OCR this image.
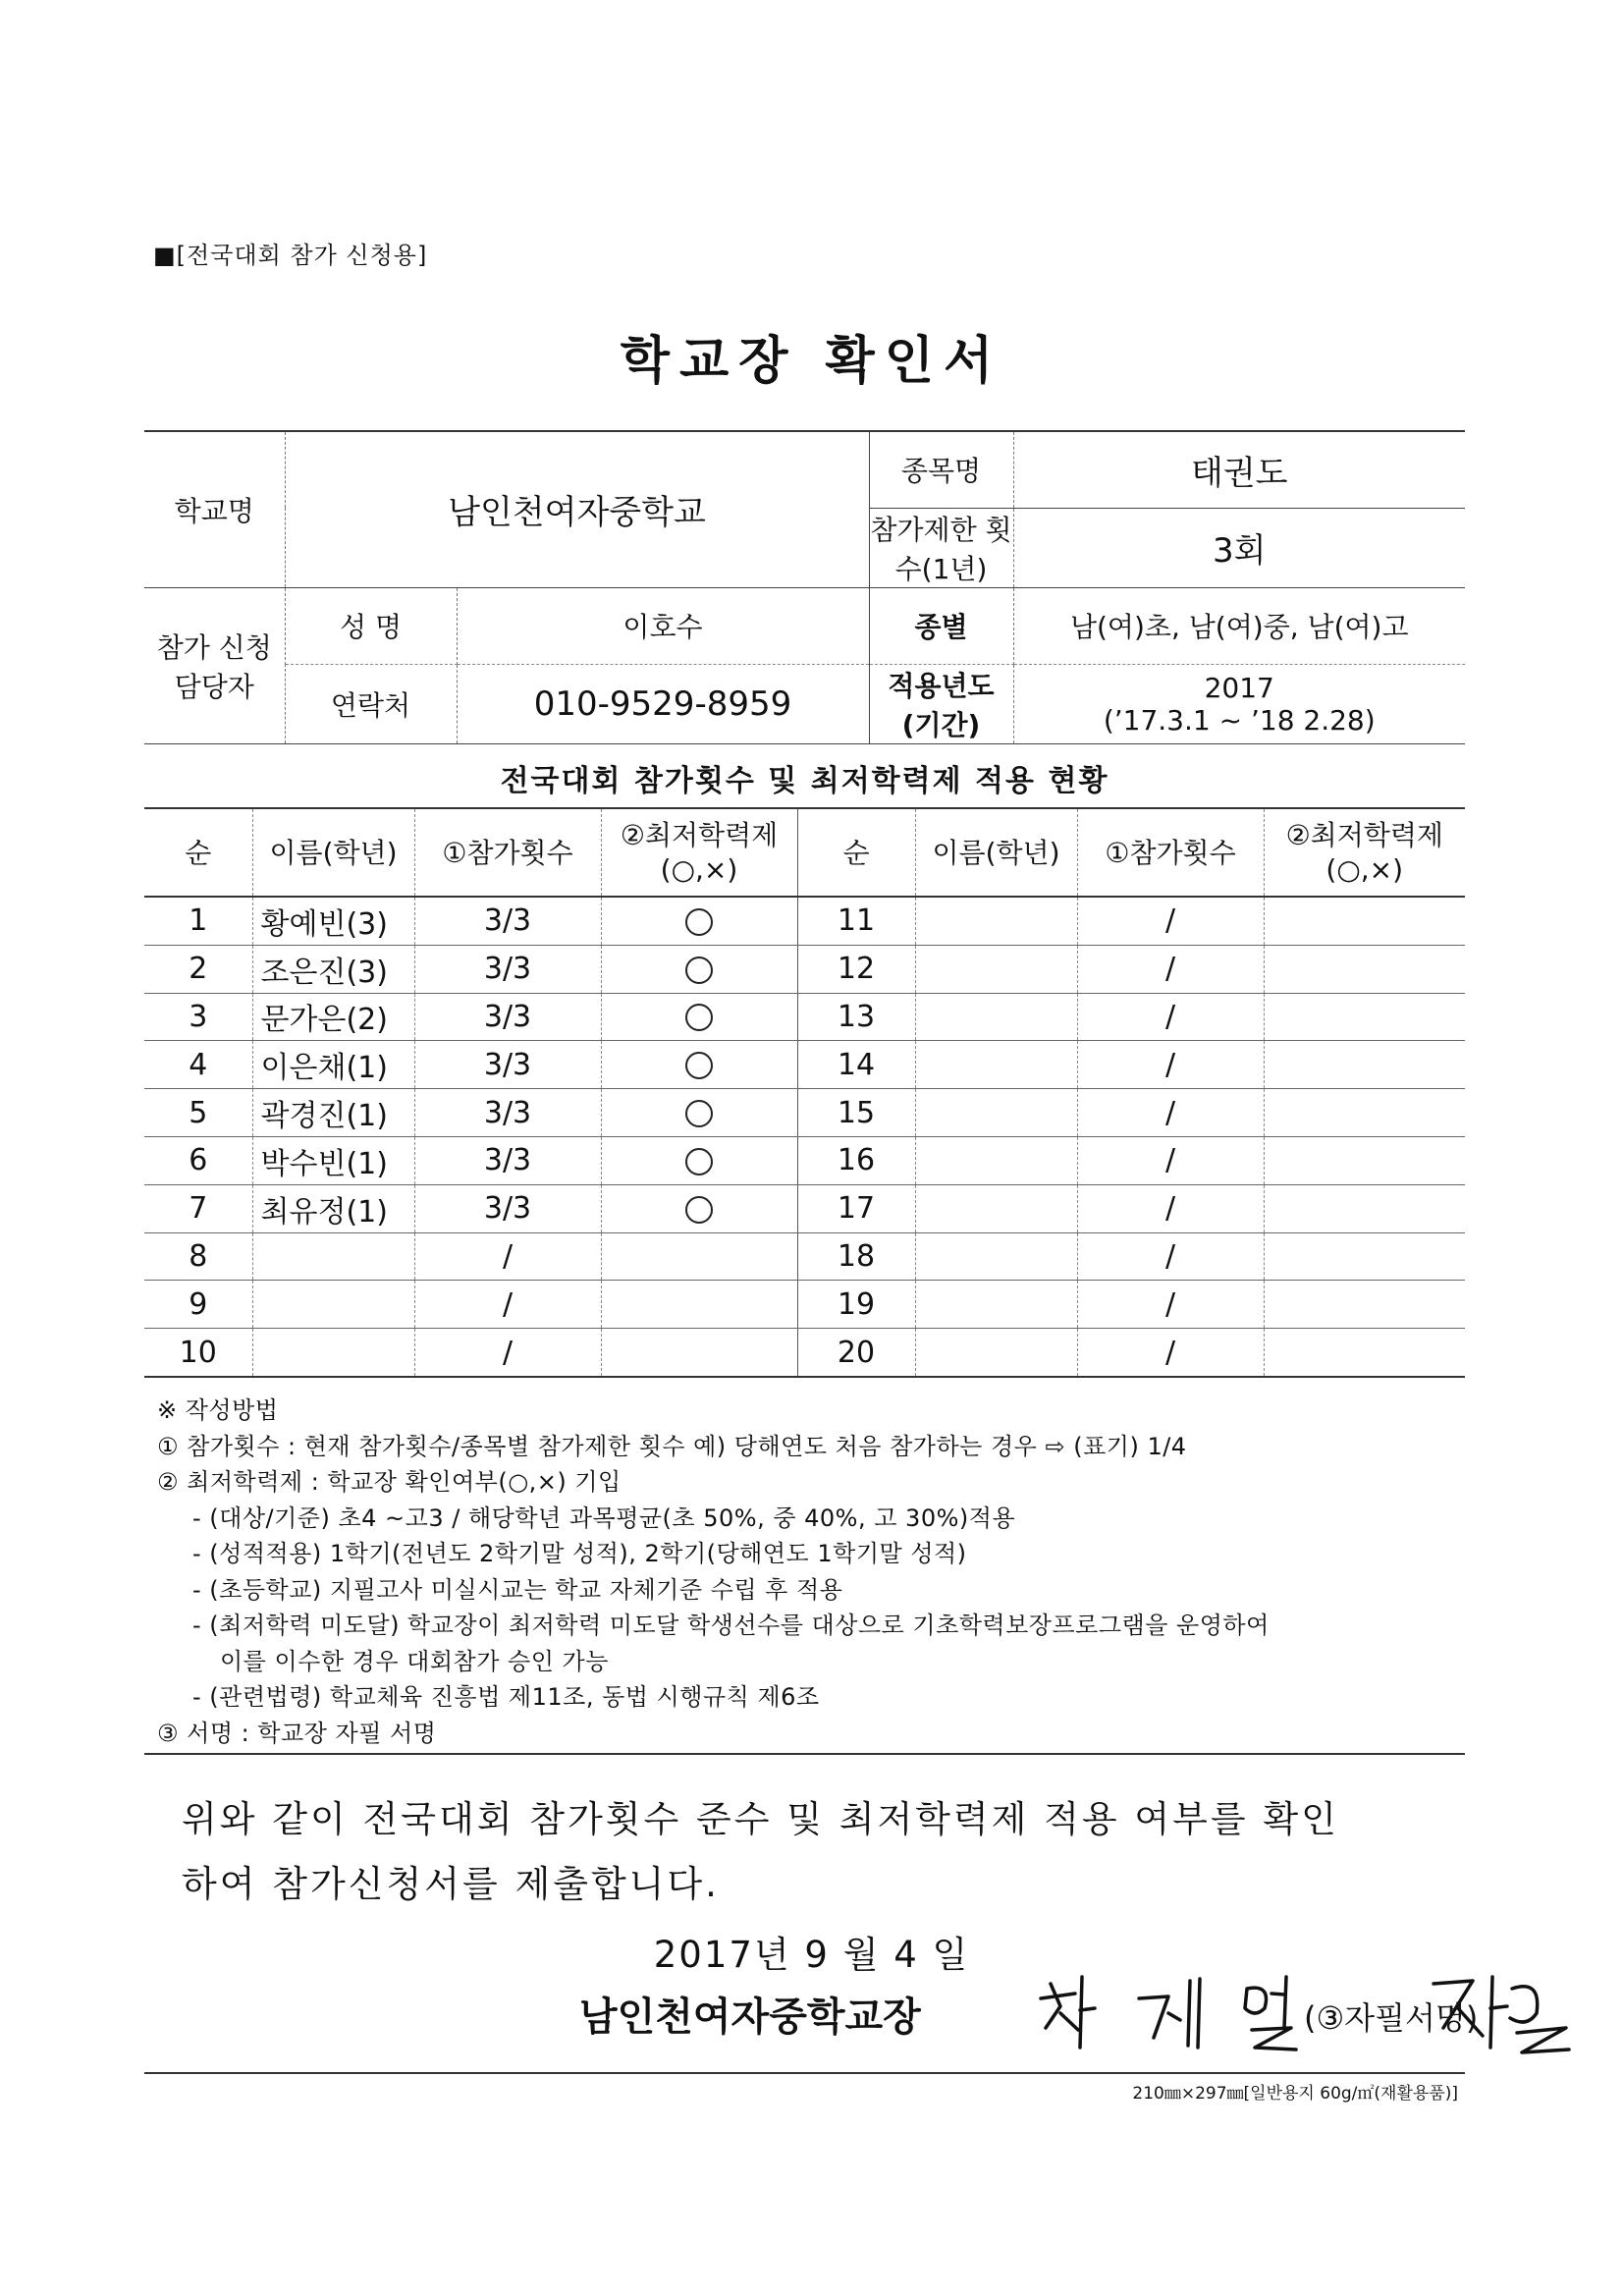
■[전국대회 참가 신청용]
학교장 확인서
학교명	남인천여자중학교		종목명	태권도
			참가제한 횟수(1년)	3회
참가 신청 담당자	성 명	이호수	종별	남(여)초, 남(여)중, 남(여)고
	연락처	010-9529-8959	적용년도 (기간)	2017
(’17.3.1 ~ ’18 2.28)
전국대회 참가횟수 및 최저학력제 적용 현황
순	이름(학년)	①참가횟수	②최저학력제 (○,×)	순	이름(학년)	①참가횟수	②최저학력제 (○,×)
1	황예빈(3)	3/3		11		/	
2	조은진(3)	3/3		12		/	
3	문가은(2)	3/3		13		/	
4	이은채(1)	3/3		14		/	
5	곽경진(1)	3/3		15		/	
6	박수빈(1)	3/3		16		/	
7	최유정(1)	3/3		17		/	
8		/		18		/	
9		/		19		/	
10		/		20		/	
※ 작성방법
① 참가횟수 : 현재 참가횟수/종목별 참가제한 횟수 예) 당해연도 처음 참가하는 경우 ⇨ (표기) 1/4
② 최저학력제 : 학교장 확인여부(○,×) 기입
- (대상/기준) 초4 ~고3 / 해당학년 과목평균(초 50%, 중 40%, 고 30%)적용
- (성적적용) 1학기(전년도 2학기말 성적), 2학기(당해연도 1학기말 성적)
- (초등학교) 지필고사 미실시교는 학교 자체기준 수립 후 적용
- (최저학력 미도달) 학교장이 최저학력 미도달 학생선수를 대상으로 기초학력보장프로그램을 운영하여
이를 이수한 경우 대회참가 승인 가능
- (관련법령) 학교체육 진흥법 제11조, 동법 시행규칙 제6조
③ 서명 : 학교장 자필 서명
위와 같이 전국대회 참가횟수 준수 및 최저학력제 적용 여부를 확인
하여 참가신청서를 제출합니다.
2017년 9 월 4 일
남인천여자중학교장	(③자필서명)
210㎜×297㎜[일반용지 60g/㎡(재활용품)]
